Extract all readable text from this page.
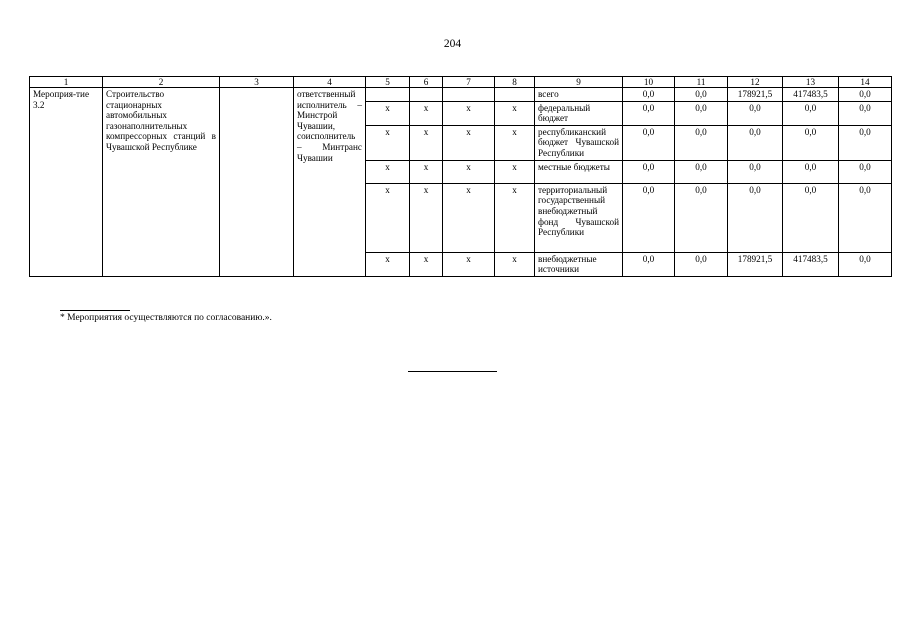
204
1	2	3	4	5	6	7	8	9	10	11	12	13	14
Мероприя-тие 3.2	Строительство стационарных автомобильных газонаполнительных компрессорных станций в Чувашской Республике		ответственный исполнитель – Минстрой Чувашии, соисполнитель – Минтранс Чувашии					всего	0,0	0,0	178921,5	417483,5	0,0
				х	х	х	х	федеральный бюджет	0,0	0,0	0,0	0,0	0,0
				х	х	х	х	республиканский бюджет Чувашской Республики	0,0	0,0	0,0	0,0	0,0
				х	х	х	х	местные бюджеты	0,0	0,0	0,0	0,0	0,0
				х	х	х	х	территориальный государственный внебюджетный фонд Чувашской Республики	0,0	0,0	0,0	0,0	0,0
				х	х	х	х	внебюджетные источники	0,0	0,0	178921,5	417483,5	0,0
* Мероприятия осуществляются по согласованию.».
